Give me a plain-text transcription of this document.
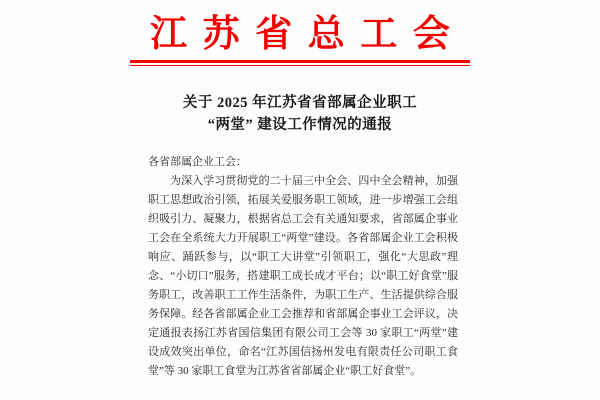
江苏省总工会
关于 2025 年江苏省省部属企业职工
“两堂” 建设工作情况的通报
各省部属企业工会：

为深入学习贯彻党的二十届三中全会、四中全会精神，加强职工思想政治引领，拓展关爱服务职工领域，进一步增强工会组织吸引力、凝聚力，根据省总工会有关通知要求，省部属企事业工会在全系统大力开展职工“两堂”建设。各省部属企业工会积极响应、踊跃参与，以“职工大讲堂”引领职工，强化“大思政”理念、“小切口”服务，搭建职工成长成才平台；以“职工好食堂”服务职工，改善职工工作生活条件，为职工生产、生活提供综合服务保障。经各省部属企业工会推荐和省部属企事业工会评议，决定通报表扬江苏省国信集团有限公司工会等 30 家职工“两堂”建设成效突出单位，命名“江苏国信扬州发电有限责任公司职工食堂”等 30 家职工食堂为江苏省省部属企业“职工好食堂”。
